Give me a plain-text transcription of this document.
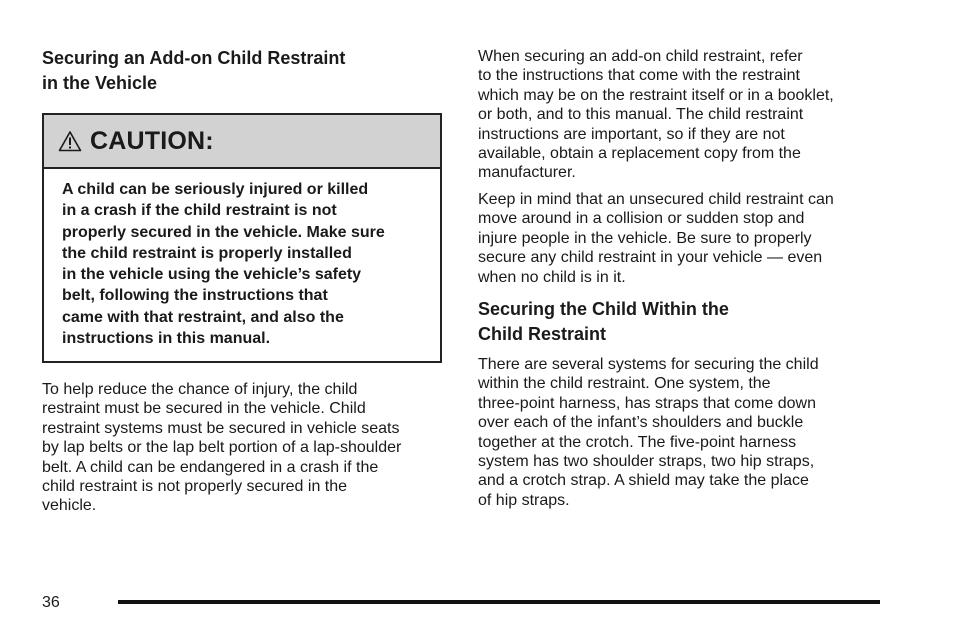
Securing an Add-on Child Restraint
in the Vehicle
CAUTION:
A child can be seriously injured or killed
in a crash if the child restraint is not
properly secured in the vehicle. Make sure
the child restraint is properly installed
in the vehicle using the vehicle’s safety
belt, following the instructions that
came with that restraint, and also the
instructions in this manual.

To help reduce the chance of injury, the child
restraint must be secured in the vehicle. Child
restraint systems must be secured in vehicle seats
by lap belts or the lap belt portion of a lap-shoulder
belt. A child can be endangered in a crash if the
child restraint is not properly secured in the
vehicle.

When securing an add-on child restraint, refer
to the instructions that come with the restraint
which may be on the restraint itself or in a booklet,
or both, and to this manual. The child restraint
instructions are important, so if they are not
available, obtain a replacement copy from the
manufacturer.

Keep in mind that an unsecured child restraint can
move around in a collision or sudden stop and
injure people in the vehicle. Be sure to properly
secure any child restraint in your vehicle — even
when no child is in it.

Securing the Child Within the
Child Restraint

There are several systems for securing the child
within the child restraint. One system, the
three-point harness, has straps that come down
over each of the infant’s shoulders and buckle
together at the crotch. The five-point harness
system has two shoulder straps, two hip straps,
and a crotch strap. A shield may take the place
of hip straps.

36
